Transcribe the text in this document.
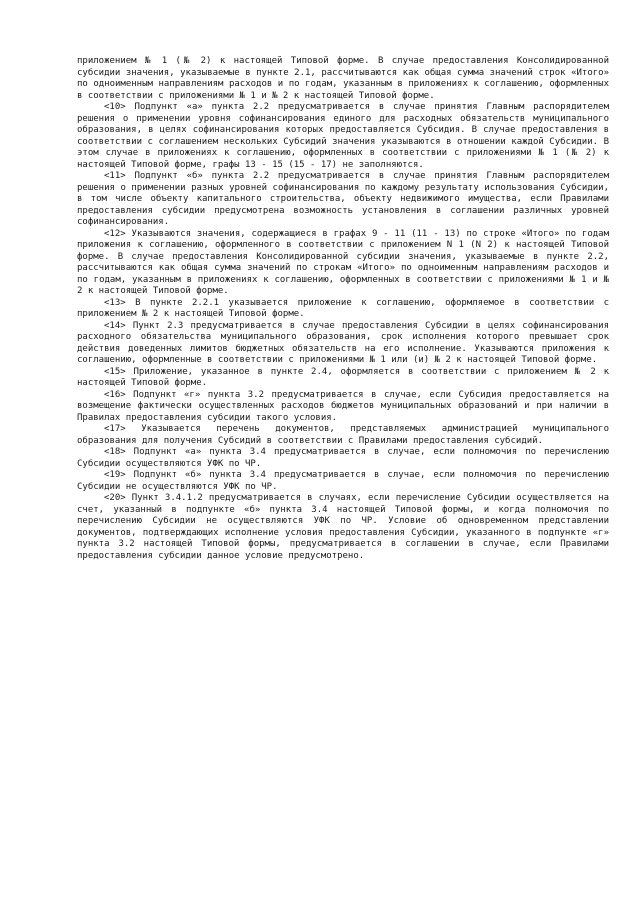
приложением № 1 (№ 2) к настоящей Типовой форме. В случае предоставления Консолидированной субсидии значения, указываемые в пункте 2.1, рассчитываются как общая сумма значений строк «Итого» по одноименным направлениям расходов и по годам, указанным в приложениях к соглашению, оформленных в соответствии с приложениями № 1 и № 2 к настоящей Типовой форме.

<10> Подпункт «а» пункта 2.2 предусматривается в случае принятия Главным распорядителем решения о применении уровня софинансирования единого для расходных обязательств муниципального образования, в целях софинансирования которых предоставляется Субсидия. В случае предоставления в соответствии с соглашением нескольких Субсидий значения указываются в отношении каждой Субсидии. В этом случае в приложениях к соглашению, оформленных в соответствии с приложениями № 1 (№ 2) к настоящей Типовой форме, графы 13 - 15 (15 - 17) не заполняются.

<11> Подпункт «б» пункта 2.2 предусматривается в случае принятия Главным распорядителем решения о применении разных уровней софинансирования по каждому результату использования Субсидии, в том числе объекту капитального строительства, объекту недвижимого имущества, если Правилами предоставления субсидии предусмотрена возможность установления в соглашении различных уровней софинансирования.

<12> Указываются значения, содержащиеся в графах 9 - 11 (11 - 13) по строке «Итого» по годам приложения к соглашению, оформленного в соответствии с приложением N 1 (N 2) к настоящей Типовой форме. В случае предоставления Консолидированной субсидии значения, указываемые в пункте 2.2, рассчитываются как общая сумма значений по строкам «Итого» по одноименным направлениям расходов и по годам, указанным в приложениях к соглашению, оформленных в соответствии с приложениями № 1 и № 2 к настоящей Типовой форме.

<13> В пункте 2.2.1 указывается приложение к соглашению, оформляемое в соответствии с приложением № 2 к настоящей Типовой форме.

<14> Пункт 2.3 предусматривается в случае предоставления Субсидии в целях софинансирования расходного обязательства муниципального образования, срок исполнения которого превышает срок действия доведенных лимитов бюджетных обязательств на его исполнение. Указываются приложения к соглашению, оформленные в соответствии с приложениями № 1 или (и) № 2 к настоящей Типовой форме.

<15> Приложение, указанное в пункте 2.4, оформляется в соответствии с приложением № 2 к настоящей Типовой форме.

<16> Подпункт «г» пункта 3.2 предусматривается в случае, если Субсидия предоставляется на возмещение фактически осуществленных расходов бюджетов муниципальных образований и при наличии в Правилах предоставления субсидии такого условия.

<17> Указывается перечень документов, представляемых администрацией муниципального образования для получения Субсидий в соответствии с Правилами предоставления субсидий.

<18> Подпункт «а» пункта 3.4 предусматривается в случае, если полномочия по перечислению Субсидии осуществляются УФК по ЧР.

<19> Подпункт «б» пункта 3.4 предусматривается в случае, если полномочия по перечислению Субсидии не осуществляются УФК по ЧР.

<20> Пункт 3.4.1.2 предусматривается в случаях, если перечисление Субсидии осуществляется на счет, указанный в подпункте «б» пункта 3.4 настоящей Типовой формы, и когда полномочия по перечислению Субсидии не осуществляются УФК по ЧР. Условие об одновременном представлении документов, подтверждающих исполнение условия предоставления Субсидии, указанного в подпункте «г» пункта 3.2 настоящей Типовой формы, предусматривается в соглашении в случае, если Правилами предоставления субсидии данное условие предусмотрено.
